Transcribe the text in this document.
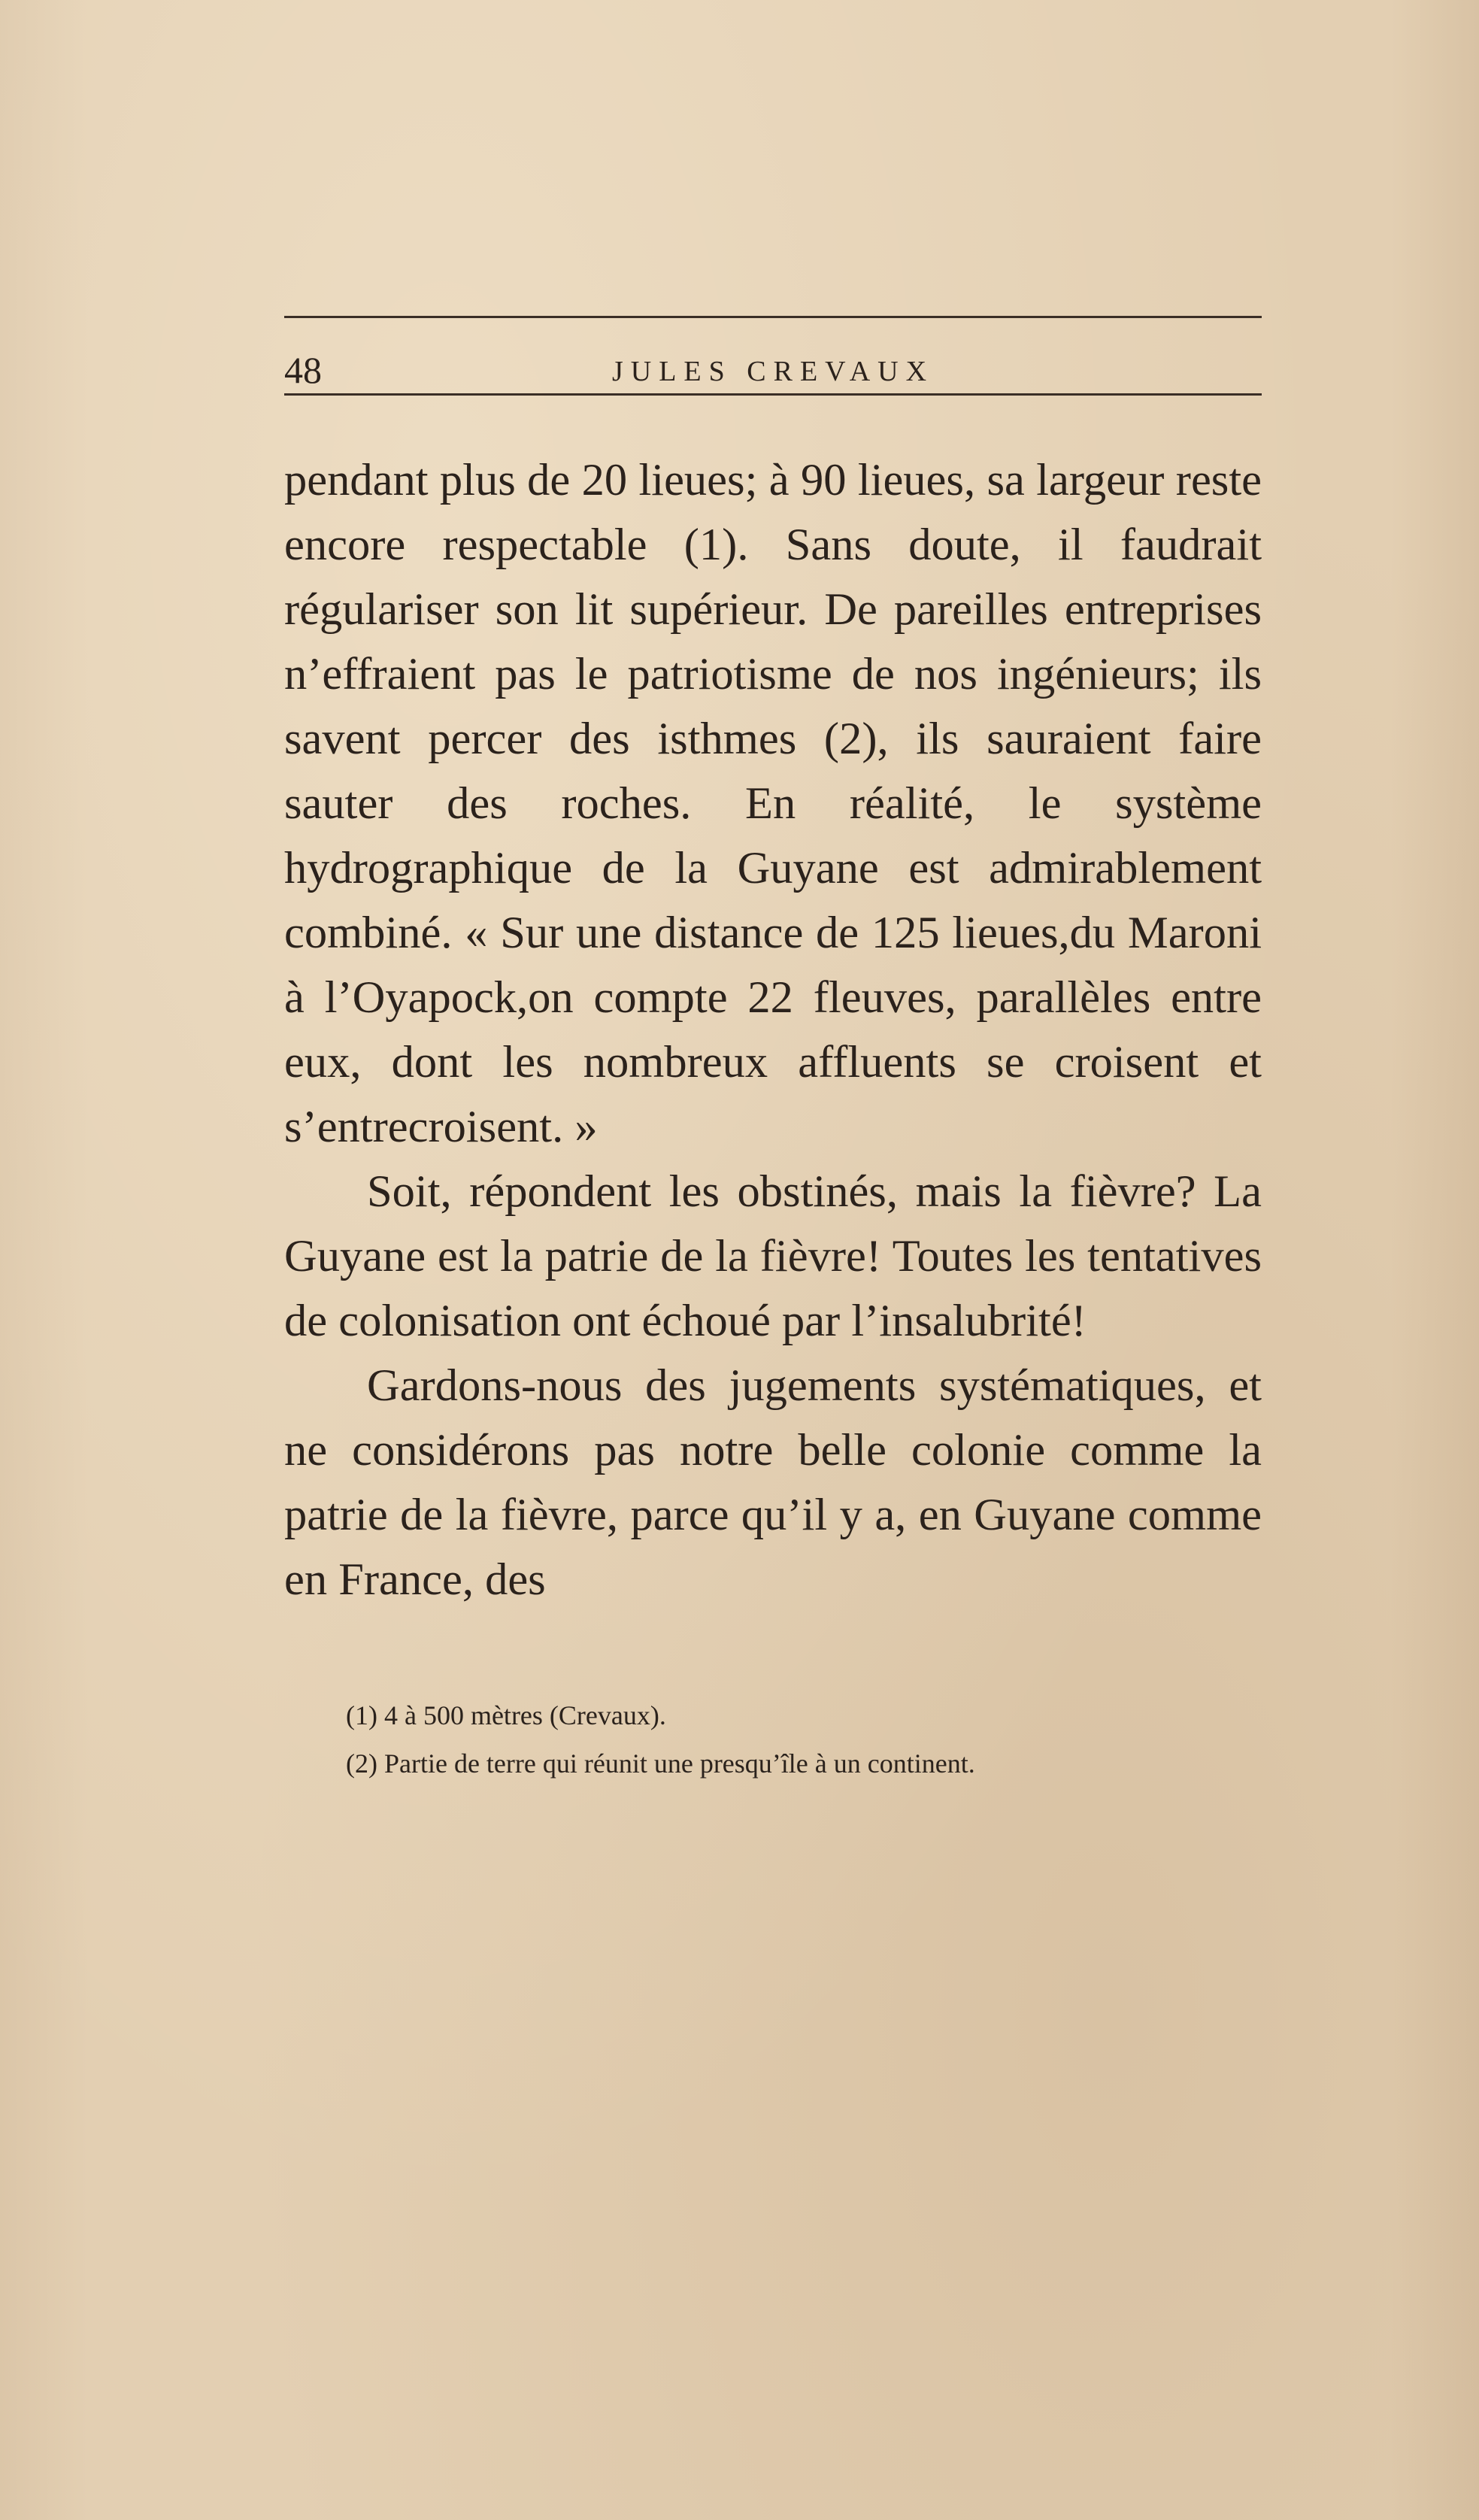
48	JULES CREVAUX

pendant plus de 20 lieues; à 90 lieues, sa largeur reste encore respectable (1). Sans doute, il faudrait régulariser son lit supérieur. De pareilles entreprises n’effraient pas le patriotisme de nos ingénieurs; ils savent percer des isthmes (2), ils sauraient faire sauter des roches. En réalité, le système hydrographique de la Guyane est admirablement combiné. « Sur une distance de 125 lieues,du Maroni à l’Oyapock,on compte 22 fleuves, parallèles entre eux, dont les nombreux affluents se croisent et s’entrecroisent. »

Soit, répondent les obstinés, mais la fièvre? La Guyane est la patrie de la fièvre! Toutes les tentatives de colonisation ont échoué par l’insalubrité!

Gardons-nous des jugements systématiques, et ne considérons pas notre belle colonie comme la patrie de la fièvre, parce qu’il y a, en Guyane comme en France, des

(1) 4 à 500 mètres (Crevaux).

(2) Partie de terre qui réunit une presqu’île à un continent.
